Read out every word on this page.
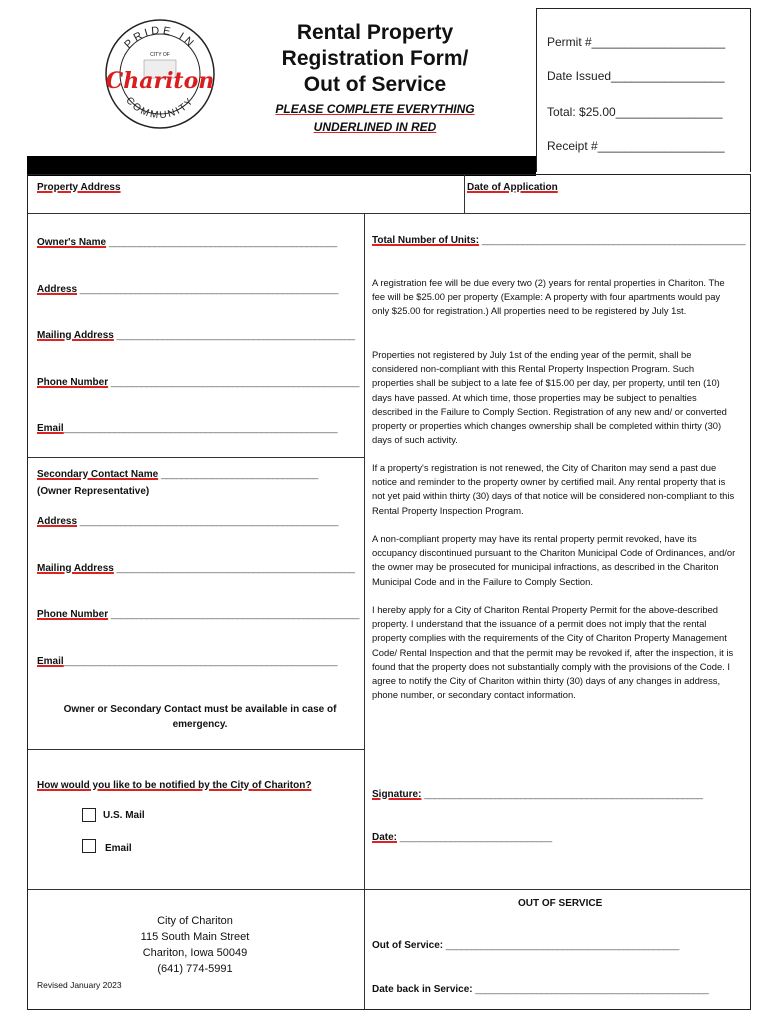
PRIDE IN
COMMUNITY
CITY OF
Chariton
Rental Property
Registration Form/
Out of Service
PLEASE COMPLETE EVERYTHING
UNDERLINED IN RED
Permit #____________________
Date Issued_________________
Total: $25.00________________
Receipt #___________________
Property Address	Date of Application
Owner's Name _____________________________________________
Address ___________________________________________________
Mailing Address _______________________________________________
Phone Number _________________________________________________
Email______________________________________________________
Secondary Contact Name _______________________________
(Owner Representative)
Address ___________________________________________________
Mailing Address _______________________________________________
Phone Number _________________________________________________
Email______________________________________________________
Owner or Secondary Contact must be available in case of
emergency.
How would you like to be notified by the City of Chariton?
U.S. Mail
Email
Total Number of Units: ____________________________________________________
A registration fee will be due every two (2) years for rental properties in Chariton. The fee will be $25.00 per property (Example: A property with four apartments would pay only $25.00 for registration.) All properties need to be registered by July 1st.
Properties not registered by July 1st of the ending year of the permit, shall be considered non-compliant with this Rental Property Inspection Program. Such properties shall be subject to a late fee of $15.00 per day, per property, until ten (10) days have passed. At which time, those properties may be subject to penalties described in the Failure to Comply Section. Registration of any new and/ or converted property or properties which changes ownership shall be completed within thirty (30) days of such activity.
If a property's registration is not renewed, the City of Chariton may send a past due notice and reminder to the property owner by certified mail. Any rental property that is not yet paid within thirty (30) days of that notice will be considered non-compliant to this Rental Property Inspection Program.
A non-compliant property may have its rental property permit revoked, have its occupancy discontinued pursuant to the Chariton Municipal Code of Ordinances, and/or the owner may be prosecuted for municipal infractions, as described in the Chariton Municipal Code and in the Failure to Comply Section.
I hereby apply for a City of Chariton Rental Property Permit for the above-described property. I understand that the issuance of a permit does not imply that the rental property complies with the requirements of the City of Chariton Property Management Code/ Rental Inspection and that the permit may be revoked if, after the inspection, it is found that the property does not substantially comply with the provisions of the Code. I agree to notify the City of Chariton within thirty (30) days of any changes in address, phone number, or secondary contact information.
Signature: _______________________________________________________
Date: ______________________________
City of Chariton
115 South Main Street
Chariton, Iowa 50049
(641) 774-5991
Revised January 2023
OUT OF SERVICE
Out of Service: ______________________________________________
Date back in Service: ______________________________________________
